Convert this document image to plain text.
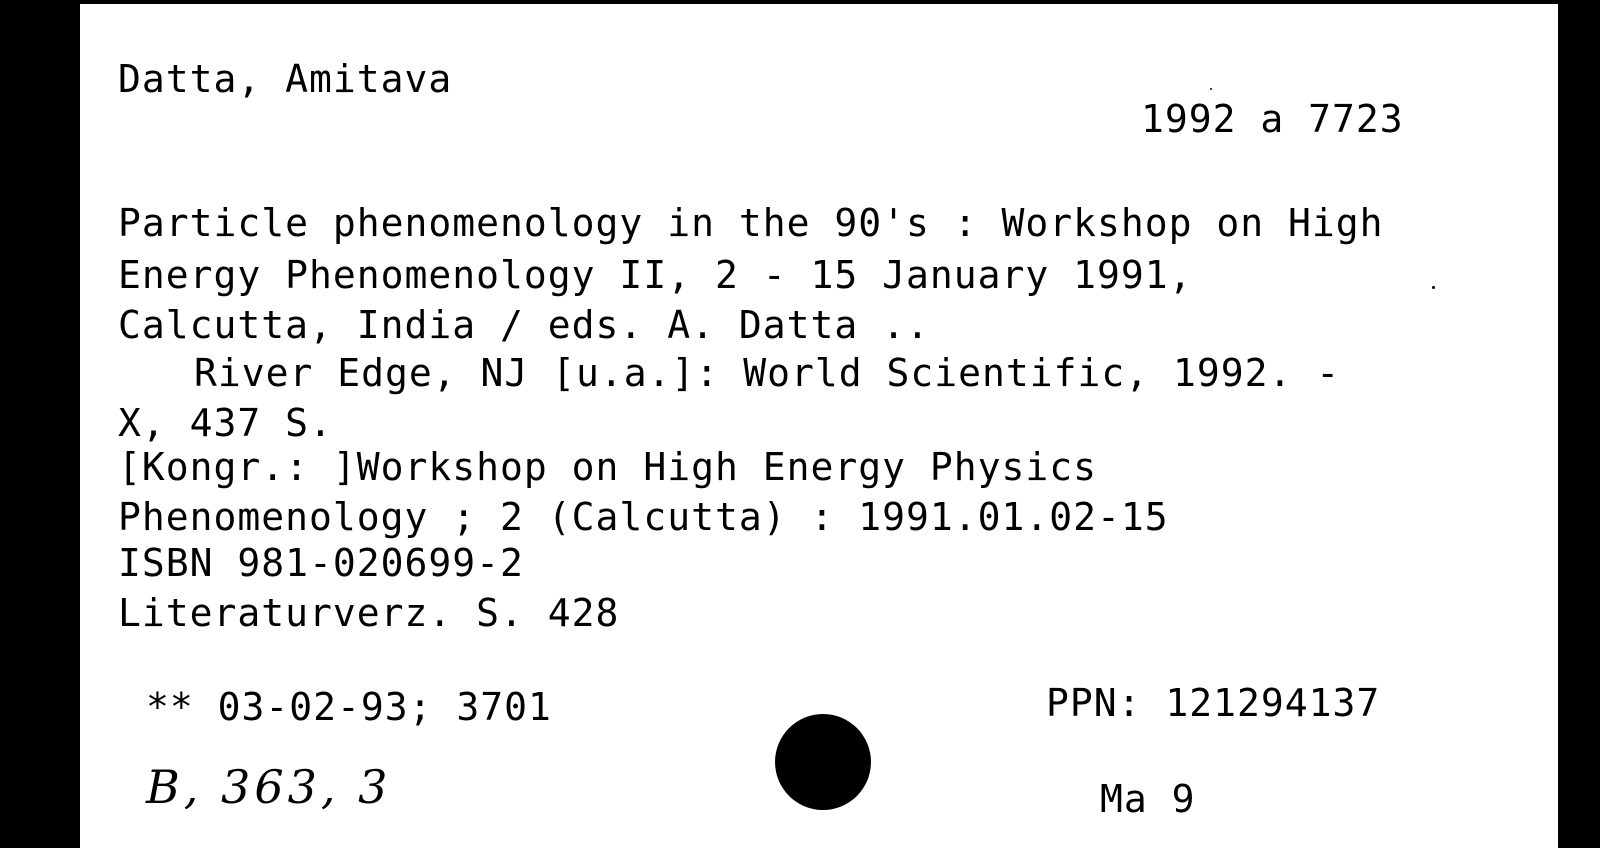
Datta, Amitava
1992 a 7723
Particle phenomenology in the 90's : Workshop on High
Energy Phenomenology II, 2 - 15 January 1991,
Calcutta, India / eds. A. Datta ..
River Edge, NJ [u.a.]: World Scientific, 1992. -
X, 437 S.
[Kongr.: ]Workshop on High Energy Physics
Phenomenology ; 2 (Calcutta) : 1991.01.02-15
ISBN 981-020699-2
Literaturverz. S. 428
** 03-02-93; 3701	PPN: 121294137
B, 363, 3	Ma 9
